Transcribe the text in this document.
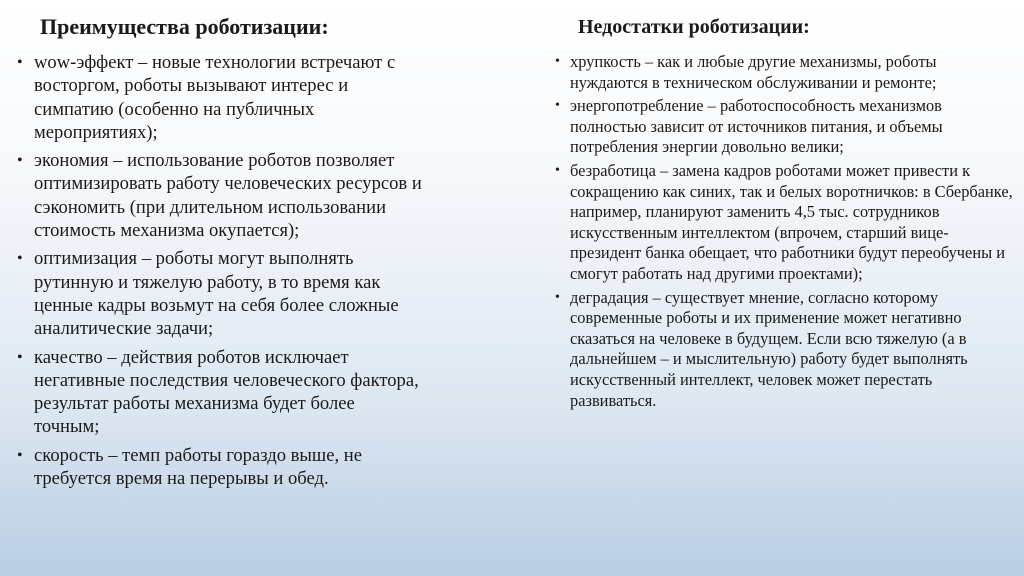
Преимущества роботизации:
• wow-эффект – новые технологии встречают с восторгом, роботы вызывают интерес и симпатию (особенно на публичных мероприятиях);
• экономия – использование роботов позволяет оптимизировать работу человеческих ресурсов и сэкономить (при длительном использовании стоимость механизма окупается);
• оптимизация – роботы могут выполнять рутинную и тяжелую работу, в то время как ценные кадры возьмут на себя более сложные аналитические задачи;
• качество – действия роботов исключает негативные последствия человеческого фактора, результат работы механизма будет более точным;
• скорость – темп работы гораздо выше, не требуется время на перерывы и обед.
Недостатки роботизации:
• хрупкость – как и любые другие механизмы, роботы нуждаются в техническом обслуживании и ремонте;
• энергопотребление – работоспособность механизмов полностью зависит от источников питания, и объемы потребления энергии довольно велики;
• безработица – замена кадров роботами может привести к сокращению как синих, так и белых воротничков: в Сбербанке, например, планируют заменить 4,5 тыс. сотрудников искусственным интеллектом (впрочем, старший вице-президент банка обещает, что работники будут переобучены и смогут работать над другими проектами);
• деградация – существует мнение, согласно которому современные роботы и их применение может негативно сказаться на человеке в будущем. Если всю тяжелую (а в дальнейшем – и мыслительную) работу будет выполнять искусственный интеллект, человек может перестать развиваться.
